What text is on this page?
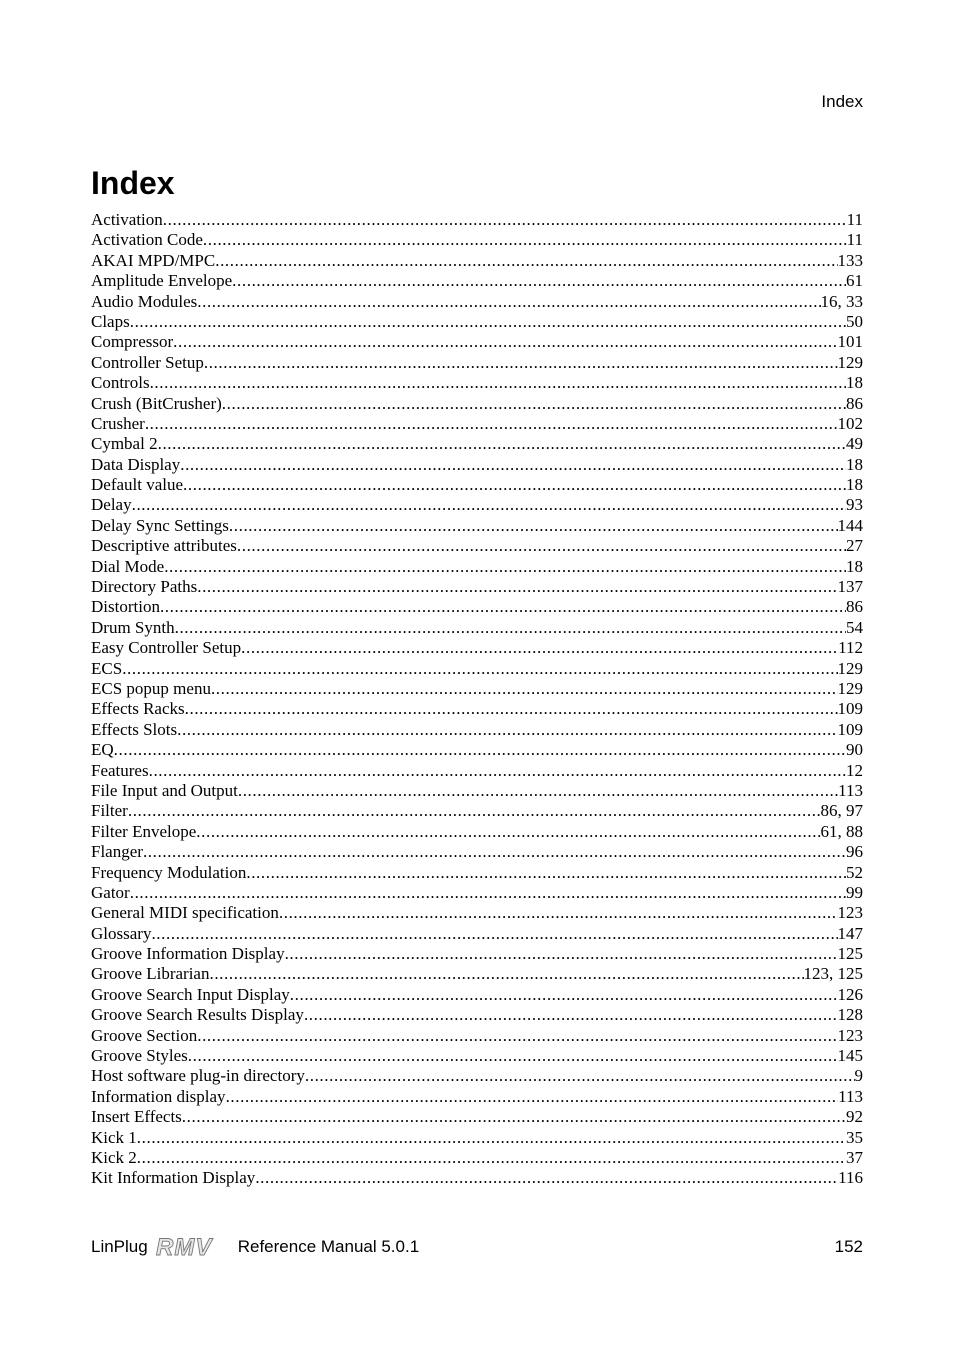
Index
Index
Activation .....	11
Activation Code .....	11
AKAI MPD/MPC .....	133
Amplitude Envelope .....	61
Audio Modules .....	16, 33
Claps .....	50
Compressor .....	101
Controller Setup .....	129
Controls .....	18
Crush (BitCrusher) .....	86
Crusher .....	102
Cymbal 2 .....	49
Data Display .....	18
Default value .....	18
Delay .....	93
Delay Sync Settings .....	144
Descriptive attributes .....	27
Dial Mode .....	18
Directory Paths .....	137
Distortion .....	86
Drum Synth .....	54
Easy Controller Setup .....	112
ECS .....	129
ECS popup menu .....	129
Effects Racks .....	109
Effects Slots .....	109
EQ .....	90
Features .....	12
File Input and Output .....	113
Filter .....	86, 97
Filter Envelope .....	61, 88
Flanger .....	96
Frequency Modulation .....	52
Gator .....	99
General MIDI specification .....	123
Glossary .....	147
Groove Information Display .....	125
Groove Librarian .....	123, 125
Groove Search Input Display .....	126
Groove Search Results Display .....	128
Groove Section .....	123
Groove Styles .....	145
Host software plug-in directory .....	9
Information display .....	113
Insert Effects .....	92
Kick 1 .....	35
Kick 2 .....	37
Kit Information Display .....	116
LinPlug RMV Reference Manual 5.0.1	152
